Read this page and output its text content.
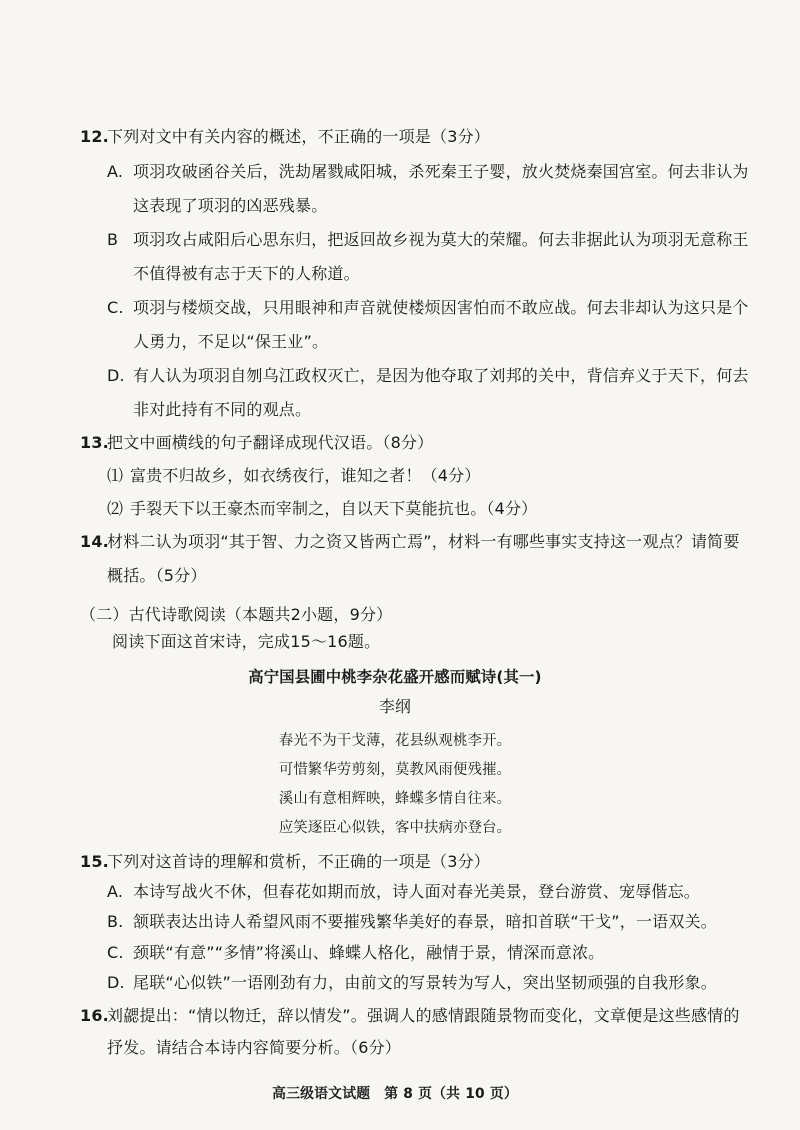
12.
下列对文中有关内容的概述，不正确的一项是（3分）
A. 项羽攻破函谷关后，洗劫屠戮咸阳城，杀死秦王子婴，放火焚烧秦国宫室。何去非认为
这表现了项羽的凶恶残暴。
B 项羽攻占咸阳后心思东归，把返回故乡视为莫大的荣耀。何去非据此认为项羽无意称王
不值得被有志于天下的人称道。
C. 项羽与楼烦交战，只用眼神和声音就使楼烦因害怕而不敢应战。何去非却认为这只是个
人勇力，不足以“保王业”。
D. 有人认为项羽自刎乌江政权灭亡，是因为他夺取了刘邦的关中，背信弃义于天下，何去
非对此持有不同的观点。
13.
把文中画横线的句子翻译成现代汉语。（8分）
⑴ 富贵不归故乡，如衣绣夜行，谁知之者！（4分）
⑵ 手裂天下以王豪杰而宰制之，自以天下莫能抗也。（4分）
14.
材料二认为项羽“其于智、力之资又皆两亡焉”，材料一有哪些事实支持这一观点？请简要
概括。（5分）
（二）古代诗歌阅读（本题共2小题，9分）
阅读下面这首宋诗，完成15～16题。
高宁国县圃中桃李杂花盛开感而赋诗(其一)
李纲
春光不为干戈薄，花县纵观桃李开。
可惜繁华劳剪刻，莫教风雨便残摧。
溪山有意相辉映，蜂蝶多情自往来。
应笑逐臣心似铁，客中扶病亦登台。
15.
下列对这首诗的理解和赏析，不正确的一项是（3分）
A. 本诗写战火不休，但春花如期而放，诗人面对春光美景，登台游赏、宠辱偕忘。
B. 颔联表达出诗人希望风雨不要摧残繁华美好的春景，暗扣首联“干戈”，一语双关。
C. 颈联“有意”“多情”将溪山、蜂蝶人格化，融情于景，情深而意浓。
D. 尾联“心似铁”一语刚劲有力，由前文的写景转为写人，突出坚韧顽强的自我形象。
16.
刘勰提出：“情以物迁，辞以情发”。强调人的感情跟随景物而变化，文章便是这些感情的
抒发。请结合本诗内容简要分析。（6分）
高三级语文试题　第 8 页（共 10 页）
